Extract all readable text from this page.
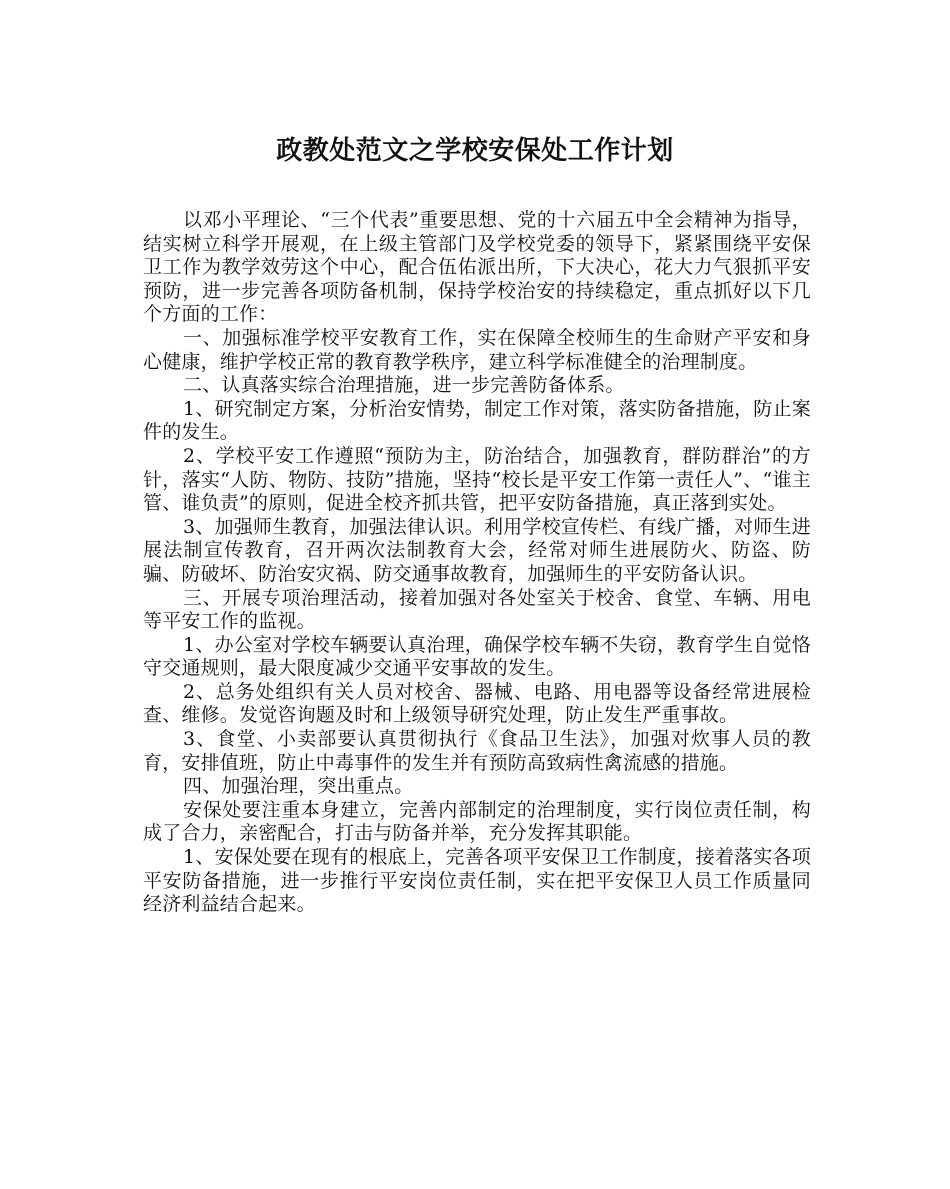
政教处范文之学校安保处工作计划

以邓小平理论、“三个代表”重要思想、党的十六届五中全会精神为指导，结实树立科学开展观，在上级主管部门及学校党委的领导下，紧紧围绕平安保卫工作为教学效劳这个中心，配合伍佑派出所，下大决心，花大力气狠抓平安预防，进一步完善各项防备机制，保持学校治安的持续稳定，重点抓好以下几个方面的工作：

一、加强标准学校平安教育工作，实在保障全校师生的生命财产平安和身心健康，维护学校正常的教育教学秩序，建立科学标准健全的治理制度。

二、认真落实综合治理措施，进一步完善防备体系。

1、研究制定方案，分析治安情势，制定工作对策，落实防备措施，防止案件的发生。

2、学校平安工作遵照“预防为主，防治结合，加强教育，群防群治”的方针，落实“人防、物防、技防”措施，坚持“校长是平安工作第一责任人”、“谁主管、谁负责”的原则，促进全校齐抓共管，把平安防备措施，真正落到实处。

3、加强师生教育，加强法律认识。利用学校宣传栏、有线广播，对师生进展法制宣传教育，召开两次法制教育大会，经常对师生进展防火、防盗、防骗、防破坏、防治安灾祸、防交通事故教育，加强师生的平安防备认识。

三、开展专项治理活动，接着加强对各处室关于校舍、食堂、车辆、用电等平安工作的监视。

1、办公室对学校车辆要认真治理，确保学校车辆不失窃，教育学生自觉恪守交通规则，最大限度减少交通平安事故的发生。

2、总务处组织有关人员对校舍、器械、电路、用电器等设备经常进展检查、维修。发觉咨询题及时和上级领导研究处理，防止发生严重事故。

3、食堂、小卖部要认真贯彻执行《食品卫生法》，加强对炊事人员的教育，安排值班，防止中毒事件的发生并有预防高致病性禽流感的措施。

四、加强治理，突出重点。

安保处要注重本身建立，完善内部制定的治理制度，实行岗位责任制，构成了合力，亲密配合，打击与防备并举，充分发挥其职能。

1、安保处要在现有的根底上，完善各项平安保卫工作制度，接着落实各项平安防备措施，进一步推行平安岗位责任制，实在把平安保卫人员工作质量同经济利益结合起来。
